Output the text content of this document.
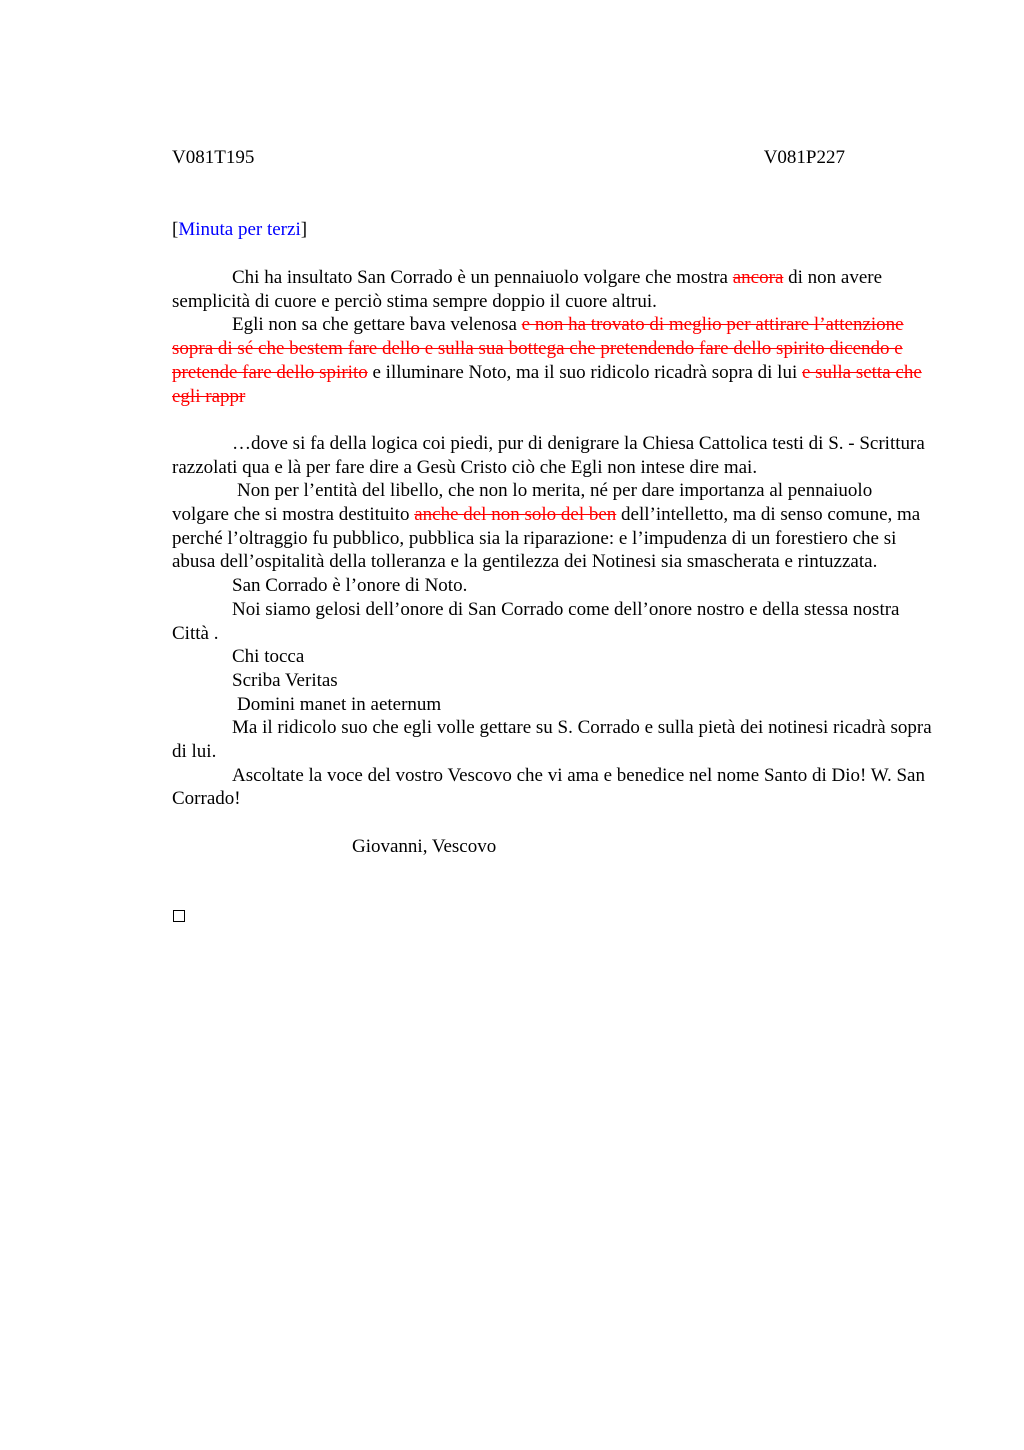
V081T195	V081P227
[Minuta per terzi]

Chi ha insultato San Corrado è un pennaiuolo volgare che mostra ancora di non avere semplicità di cuore e perciò stima sempre doppio il cuore altrui.

Egli non sa che gettare bava velenosa e non ha trovato di meglio per attirare l’attenzione sopra di sé che bestem fare dello e sulla sua bottega che pretendendo fare dello spirito dicendo e pretende fare dello spirito e illuminare Noto, ma il suo ridicolo ricadrà sopra di lui e sulla setta che egli rappr

…dove si fa della logica coi piedi, pur di denigrare la Chiesa Cattolica testi di S. - Scrittura razzolati qua e là per fare dire a Gesù Cristo ciò che Egli non intese dire mai.

Non per l’entità del libello, che non lo merita, né per dare importanza al pennaiuolo volgare che si mostra destituito anche del non solo del ben dell’intelletto, ma di senso comune, ma perché l’oltraggio fu pubblico, pubblica sia la riparazione: e l’impudenza di un forestiero che si abusa dell’ospitalità della tolleranza e la gentilezza dei Notinesi sia smascherata e rintuzzata.

San Corrado è l’onore di Noto.

Noi siamo gelosi dell’onore di San Corrado come dell’onore nostro e della stessa nostra Città .

Chi tocca

Scriba Veritas

Domini manet in aeternum

Ma il ridicolo suo che egli volle gettare su S. Corrado e sulla pietà dei notinesi ricadrà sopra di lui.

Ascoltate la voce del vostro Vescovo che vi ama e benedice nel nome Santo di Dio! W. San Corrado!

Giovanni, Vescovo
